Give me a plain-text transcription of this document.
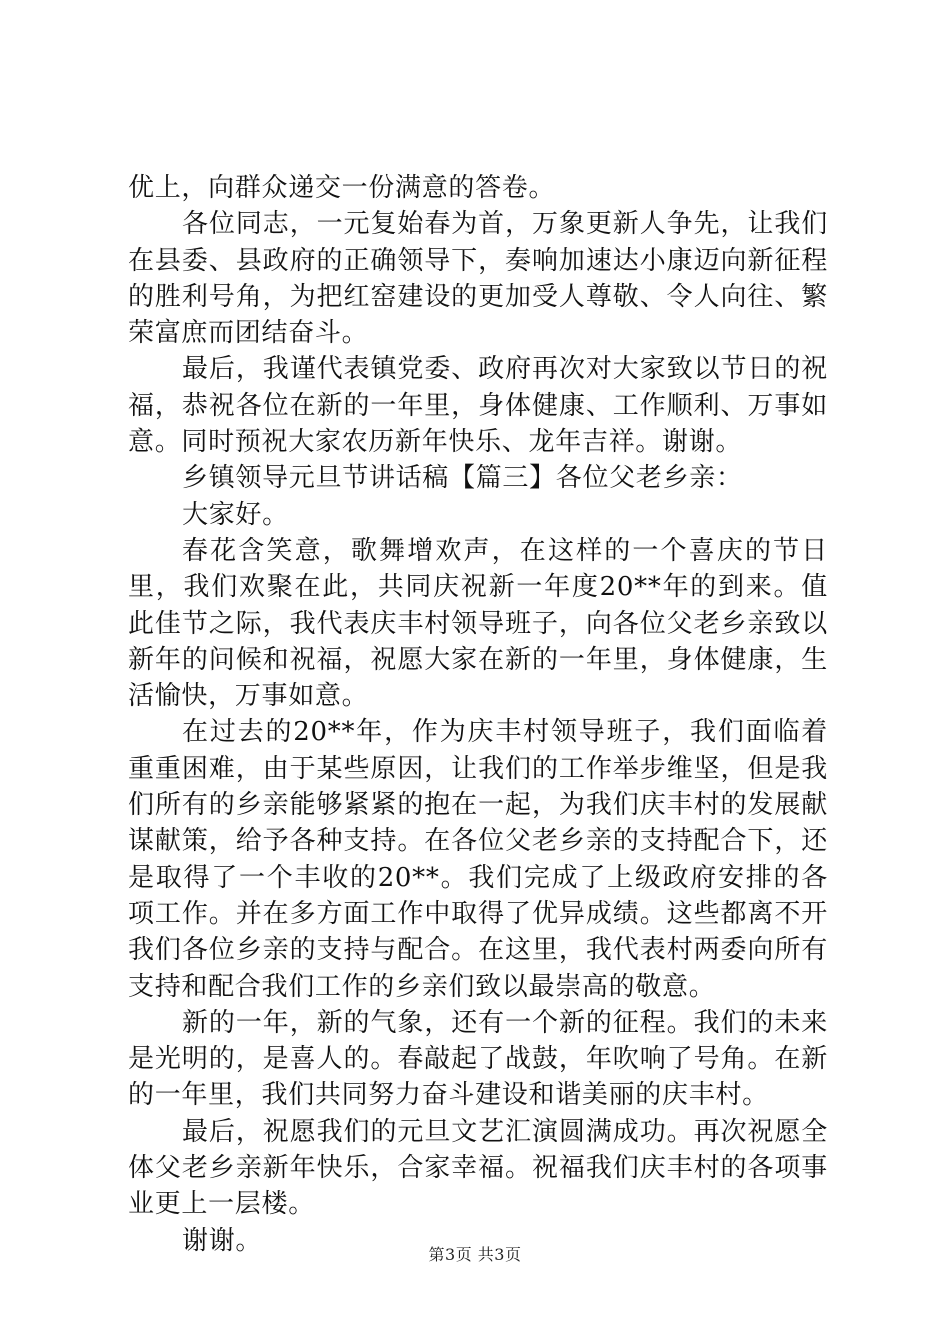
优上，向群众递交一份满意的答卷。

各位同志，一元复始春为首，万象更新人争先，让我们在县委、县政府的正确领导下，奏响加速达小康迈向新征程的胜利号角，为把红窑建设的更加受人尊敬、令人向往、繁荣富庶而团结奋斗。

最后，我谨代表镇党委、政府再次对大家致以节日的祝福，恭祝各位在新的一年里，身体健康、工作顺利、万事如意。同时预祝大家农历新年快乐、龙年吉祥。谢谢。

乡镇领导元旦节讲话稿【篇三】各位父老乡亲：

大家好。

春花含笑意，歌舞增欢声，在这样的一个喜庆的节日里，我们欢聚在此，共同庆祝新一年度20**年的到来。值此佳节之际，我代表庆丰村领导班子，向各位父老乡亲致以新年的问候和祝福，祝愿大家在新的一年里，身体健康，生活愉快，万事如意。

在过去的20**年，作为庆丰村领导班子，我们面临着重重困难，由于某些原因，让我们的工作举步维坚，但是我们所有的乡亲能够紧紧的抱在一起，为我们庆丰村的发展献谋献策，给予各种支持。在各位父老乡亲的支持配合下，还是取得了一个丰收的20**。我们完成了上级政府安排的各项工作。并在多方面工作中取得了优异成绩。这些都离不开我们各位乡亲的支持与配合。在这里，我代表村两委向所有支持和配合我们工作的乡亲们致以最崇高的敬意。

新的一年，新的气象，还有一个新的征程。我们的未来是光明的，是喜人的。春敲起了战鼓，年吹响了号角。在新的一年里，我们共同努力奋斗建设和谐美丽的庆丰村。

最后，祝愿我们的元旦文艺汇演圆满成功。再次祝愿全体父老乡亲新年快乐，合家幸福。祝福我们庆丰村的各项事业更上一层楼。

谢谢。	第3页 共3页
